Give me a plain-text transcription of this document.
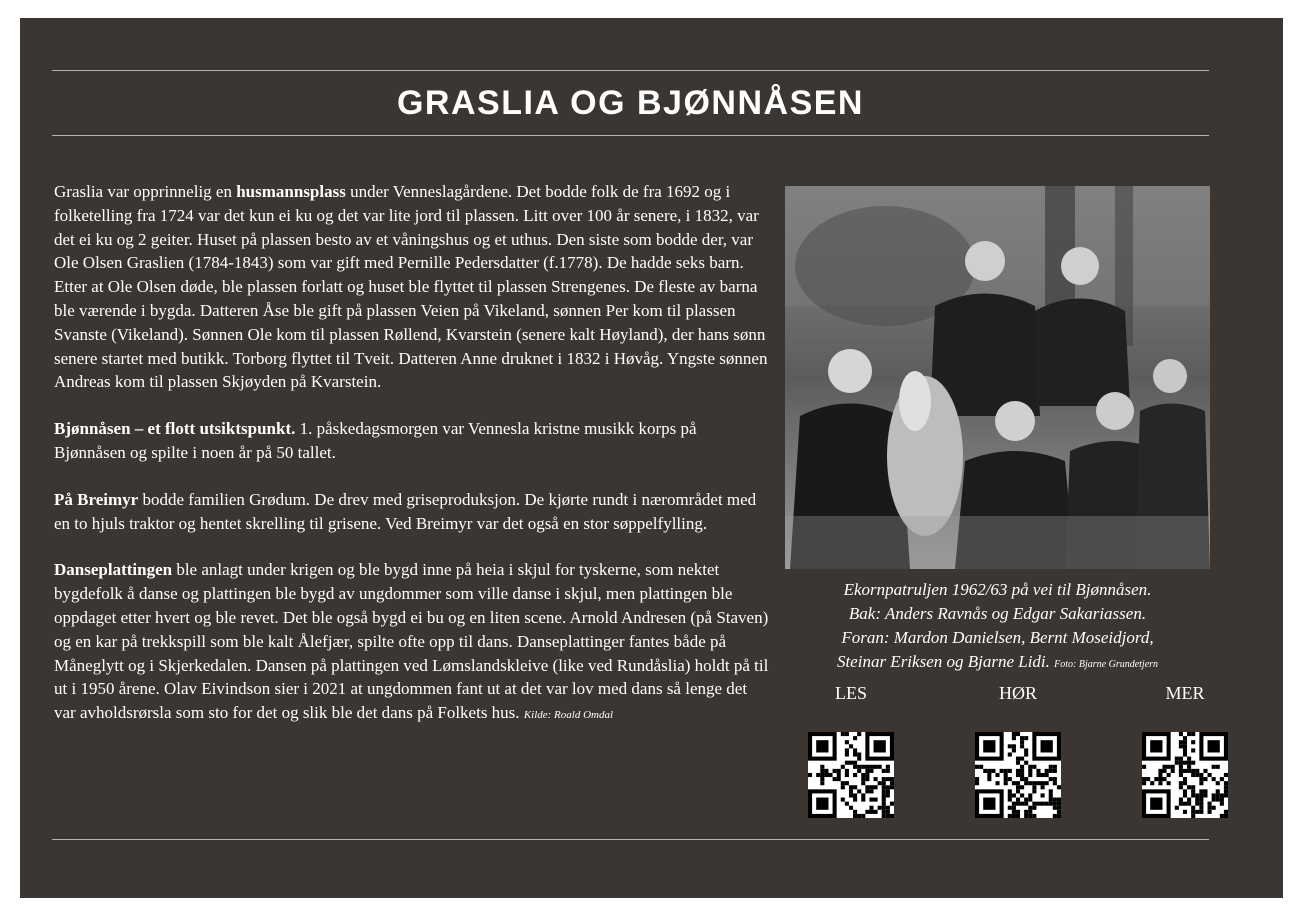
GRASLIA OG BJØNNÅSEN

Graslia var opprinnelig en husmannsplass under Venneslagårdene. Det bodde folk de fra 1692 og i folketelling fra 1724 var det kun ei ku og det var lite jord til plassen. Litt over 100 år senere, i 1832, var det ei ku og 2 geiter. Huset på plassen besto av et våningshus og et uthus. Den siste som bodde der, var Ole Olsen Graslien (1784-1843) som var gift med Pernille Pedersdatter (f.1778). De hadde seks barn. Etter at Ole Olsen døde, ble plassen forlatt og huset ble flyttet til plassen Strengenes. De fleste av barna ble værende i bygda. Datteren Åse ble gift på plassen Veien på Vikeland, sønnen Per kom til plassen Svanste (Vikeland). Sønnen Ole kom til plassen Røllend, Kvarstein (senere kalt Høyland), der hans sønn senere startet med butikk. Torborg flyttet til Tveit. Datteren Anne druknet i 1832 i Høvåg. Yngste sønnen Andreas kom til plassen Skjøyden på Kvarstein.

Bjønnåsen – et flott utsiktspunkt. 1. påskedagsmorgen var Vennesla kristne musikk korps på Bjønnåsen og spilte i noen år på 50 tallet.

På Breimyr bodde familien Grødum. De drev med griseproduksjon. De kjørte rundt i nærområdet med en to hjuls traktor og hentet skrelling til grisene. Ved Breimyr var det også en stor søppelfylling.

Danseplattingen ble anlagt under krigen og ble bygd inne på heia i skjul for tyskerne, som nektet bygdefolk å danse og plattingen ble bygd av ungdommer som ville danse i skjul, men plattingen ble oppdaget etter hvert og ble revet. Det ble også bygd ei bu og en liten scene. Arnold Andresen (på Staven) og en kar på trekkspill som ble kalt Ålefjær, spilte ofte opp til dans. Danseplattinger fantes både på Måneglytt og i Skjerkedalen. Dansen på plattingen ved Lømslandskleive (like ved Rundåslia) holdt på til ut i 1950 årene. Olav Eivindson sier i 2021 at ungdommen fant ut at det var lov med dans så lenge det var avholdsrørsla som sto for det og slik ble det dans på Folkets hus. Kilde: Roald Omdal

Ekornpatruljen 1962/63 på vei til Bjønnåsen.
Bak: Anders Ravnås og Edgar Sakariassen.
Foran: Mardon Danielsen, Bernt Moseidjord,
Steinar Eriksen og Bjarne Lidi. Foto: Bjarne Grundetjern
LES	HØR	MER
